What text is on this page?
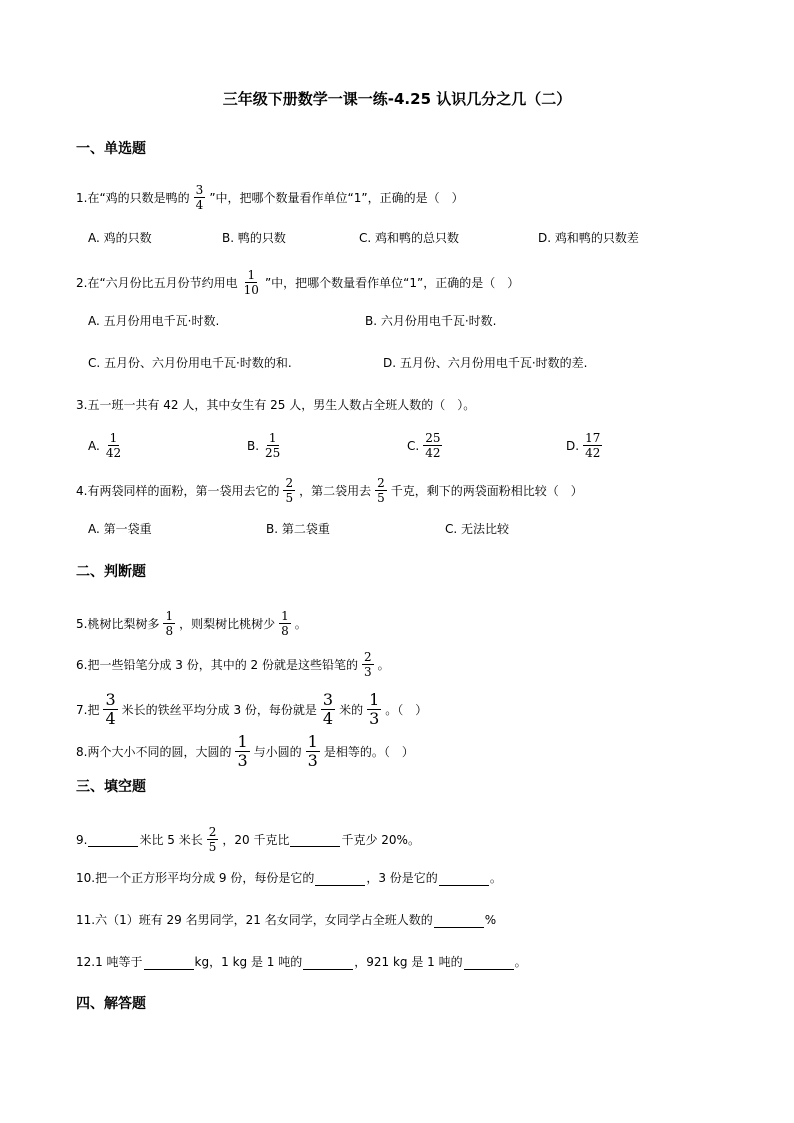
三年级下册数学一课一练-4.25 认识几分之几（二）
一、单选题
1.在“鸡的只数是鸭的 $\frac{3}{4}$ ”中，把哪个数量看作单位“1”，正确的是（　）
A. 鸡的只数	B. 鸭的只数	C. 鸡和鸭的总只数	D. 鸡和鸭的只数差
2.在“六月份比五月份节约用电 $\frac{1}{10}$ ”中，把哪个数量看作单位“1”，正确的是（　）
A. 五月份用电千瓦·时数.	B. 六月份用电千瓦·时数.
C. 五月份、六月份用电千瓦·时数的和.	D. 五月份、六月份用电千瓦·时数的差.
3.五一班一共有 42 人，其中女生有 25 人，男生人数占全班人数的（　）。
A. $\frac{1}{42}$	B. $\frac{1}{25}$	C. $\frac{25}{42}$	D. $\frac{17}{42}$
4.有两袋同样的面粉，第一袋用去它的 $\frac{2}{5}$ ，第二袋用去 $\frac{2}{5}$ 千克，剩下的两袋面粉相比较（　）
A. 第一袋重	B. 第二袋重	C. 无法比较
二、判断题
5.桃树比梨树多 $\frac{1}{8}$ ，则梨树比桃树少 $\frac{1}{8}$ 。
6.把一些铅笔分成 3 份，其中的 2 份就是这些铅笔的 $\frac{2}{3}$ 。
7.把 $\frac{3}{4}$ 米长的铁丝平均分成 3 份，每份就是 $\frac{3}{4}$ 米的 $\frac{1}{3}$ 。（　）
8.两个大小不同的圆，大圆的 $\frac{1}{3}$ 与小圆的 $\frac{1}{3}$ 是相等的。（　）
三、填空题
9.	米比 5 米长 $\frac{2}{5}$ ，20 千克比	千克少 20%。
10.把一个正方形平均分成 9 份，每份是它的	，3 份是它的	。
11.六（1）班有 29 名男同学，21 名女同学，女同学占全班人数的	%
12.1 吨等于	kg，1 kg 是 1 吨的	，921 kg 是 1 吨的	。
四、解答题
